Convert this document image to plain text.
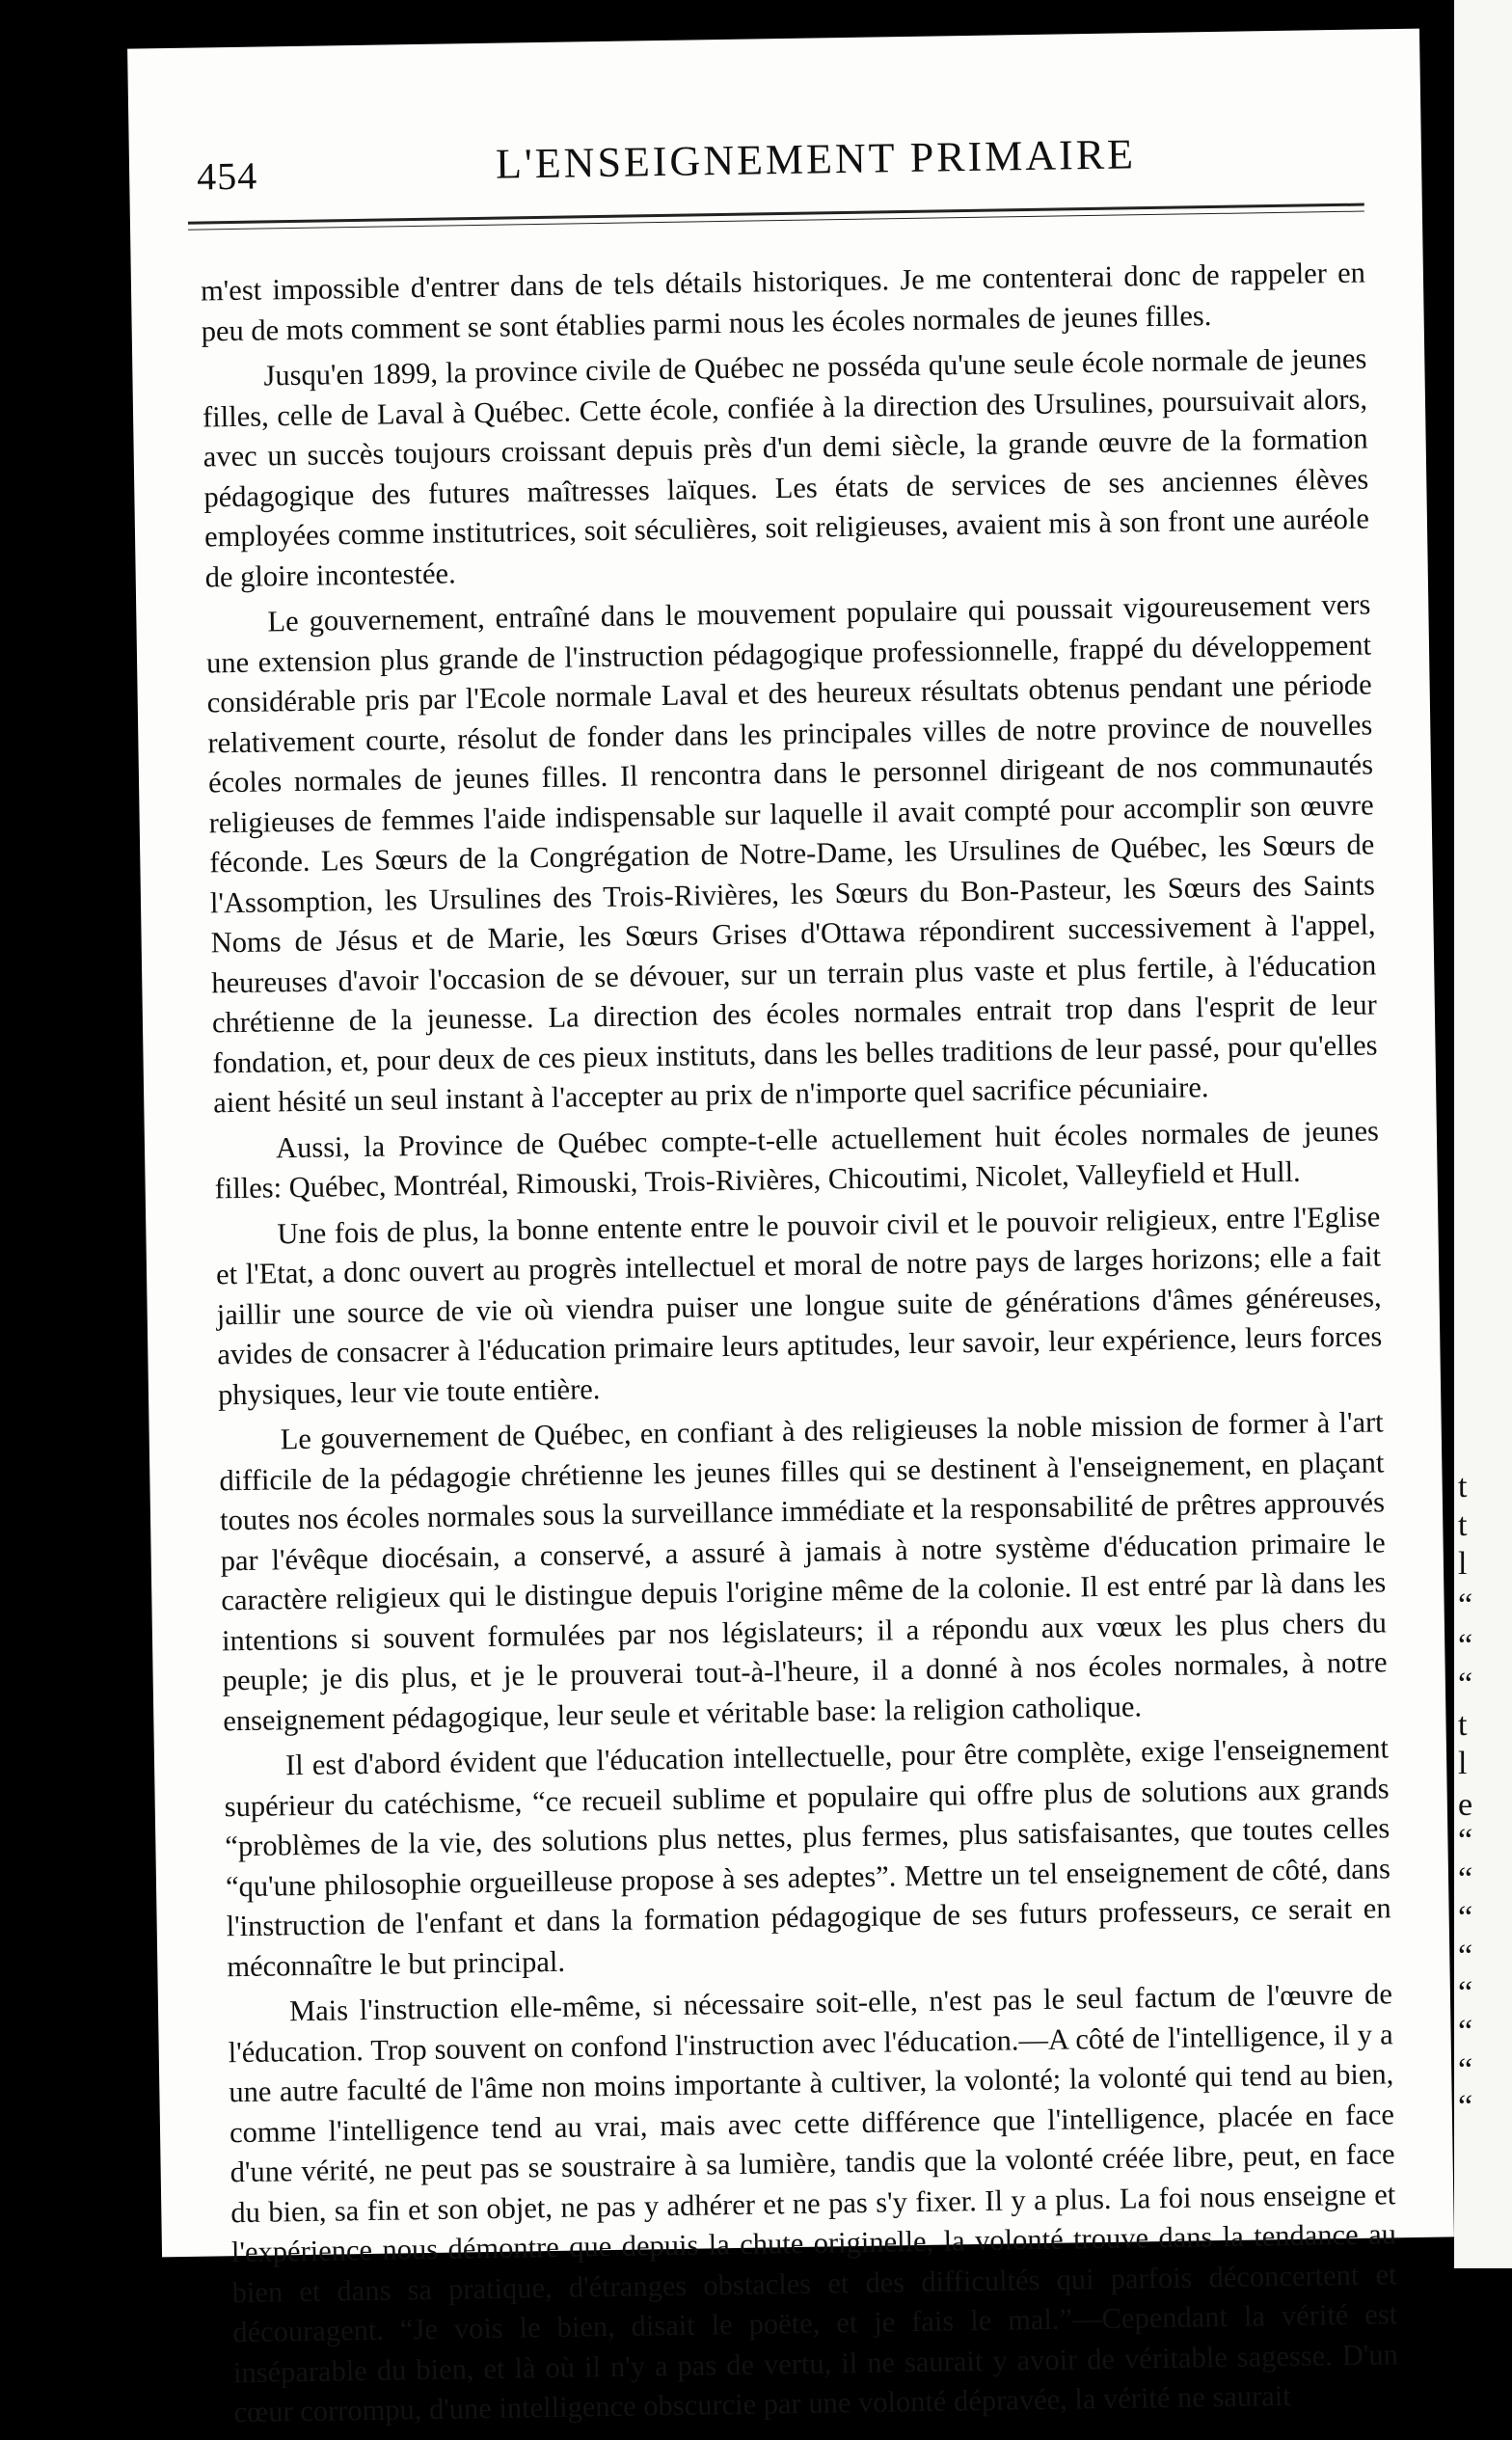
454	L'ENSEIGNEMENT PRIMAIRE

m'est impossible d'entrer dans de tels détails historiques. Je me contenterai donc de rappeler en peu de mots comment se sont établies parmi nous les écoles normales de jeunes filles.

Jusqu'en 1899, la province civile de Québec ne posséda qu'une seule école normale de jeunes filles, celle de Laval à Québec. Cette école, confiée à la direction des Ursulines, poursuivait alors, avec un succès toujours croissant depuis près d'un demi siècle, la grande œuvre de la formation pédagogique des futures maîtresses laïques. Les états de services de ses anciennes élèves employées comme institutrices, soit séculières, soit religieuses, avaient mis à son front une auréole de gloire incontestée.

Le gouvernement, entraîné dans le mouvement populaire qui poussait vigoureusement vers une extension plus grande de l'instruction pédagogique professionnelle, frappé du développement considérable pris par l'Ecole normale Laval et des heureux résultats obtenus pendant une période relativement courte, résolut de fonder dans les principales villes de notre province de nouvelles écoles normales de jeunes filles. Il rencontra dans le personnel dirigeant de nos communautés religieuses de femmes l'aide indispensable sur laquelle il avait compté pour accomplir son œuvre féconde. Les Sœurs de la Congrégation de Notre-Dame, les Ursulines de Québec, les Sœurs de l'Assomption, les Ursulines des Trois-Rivières, les Sœurs du Bon-Pasteur, les Sœurs des Saints Noms de Jésus et de Marie, les Sœurs Grises d'Ottawa répondirent successivement à l'appel, heureuses d'avoir l'occasion de se dévouer, sur un terrain plus vaste et plus fertile, à l'éducation chrétienne de la jeunesse. La direction des écoles normales entrait trop dans l'esprit de leur fondation, et, pour deux de ces pieux instituts, dans les belles traditions de leur passé, pour qu'elles aient hésité un seul instant à l'accepter au prix de n'importe quel sacrifice pécuniaire.

Aussi, la Province de Québec compte-t-elle actuellement huit écoles normales de jeunes filles: Québec, Montréal, Rimouski, Trois-Rivières, Chicoutimi, Nicolet, Valleyfield et Hull.

Une fois de plus, la bonne entente entre le pouvoir civil et le pouvoir religieux, entre l'Eglise et l'Etat, a donc ouvert au progrès intellectuel et moral de notre pays de larges horizons; elle a fait jaillir une source de vie où viendra puiser une longue suite de générations d'âmes généreuses, avides de consacrer à l'éducation primaire leurs aptitudes, leur savoir, leur expérience, leurs forces physiques, leur vie toute entière.

Le gouvernement de Québec, en confiant à des religieuses la noble mission de former à l'art difficile de la pédagogie chrétienne les jeunes filles qui se destinent à l'enseignement, en plaçant toutes nos écoles normales sous la surveillance immédiate et la responsabilité de prêtres approuvés par l'évêque diocésain, a conservé, a assuré à jamais à notre système d'éducation primaire le caractère religieux qui le distingue depuis l'origine même de la colonie. Il est entré par là dans les intentions si souvent formulées par nos législateurs; il a répondu aux vœux les plus chers du peuple; je dis plus, et je le prouverai tout-à-l'heure, il a donné à nos écoles normales, à notre enseignement pédagogique, leur seule et véritable base: la religion catholique.

Il est d'abord évident que l'éducation intellectuelle, pour être complète, exige l'enseignement supérieur du catéchisme, “ce recueil sublime et populaire qui offre plus de solutions aux grands “problèmes de la vie, des solutions plus nettes, plus fermes, plus satisfaisantes, que toutes celles “qu'une philosophie orgueilleuse propose à ses adeptes”. Mettre un tel enseignement de côté, dans l'instruction de l'enfant et dans la formation pédagogique de ses futurs professeurs, ce serait en méconnaître le but principal.

Mais l'instruction elle-même, si nécessaire soit-elle, n'est pas le seul factum de l'œuvre de l'éducation. Trop souvent on confond l'instruction avec l'éducation.—A côté de l'intelligence, il y a une autre faculté de l'âme non moins importante à cultiver, la volonté; la volonté qui tend au bien, comme l'intelligence tend au vrai, mais avec cette différence que l'intelligence, placée en face d'une vérité, ne peut pas se soustraire à sa lumière, tandis que la volonté créée libre, peut, en face du bien, sa fin et son objet, ne pas y adhérer et ne pas s'y fixer. Il y a plus. La foi nous enseigne et l'expérience nous démontre que depuis la chute originelle, la volonté trouve dans la tendance au bien et dans sa pratique, d'étranges obstacles et des difficultés qui parfois déconcertent et découragent. “Je vois le bien, disait le poëte, et je fais le mal.”—Cependant la vérité est inséparable du bien, et là où il n'y a pas de vertu, il ne saurait y avoir de véritable sagesse. D'un cœur corrompu, d'une intelligence obscurcie par une volonté dépravée, la vérité ne saurait

t
t
l
“
“
“
t
l
e
“
“
“
“
“
“
“
“
